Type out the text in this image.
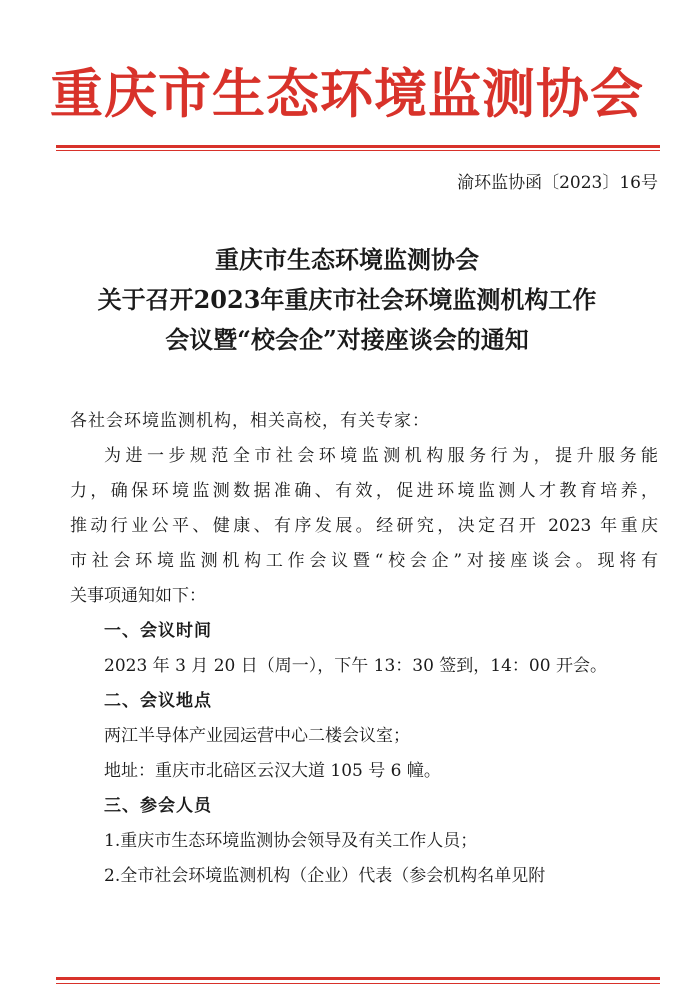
重庆市生态环境监测协会
渝环监协函〔2023〕16号
重庆市生态环境监测协会
关于召开2023年重庆市社会环境监测机构工作
会议暨“校会企”对接座谈会的通知
各社会环境监测机构，相关高校，有关专家：
为进一步规范全市社会环境监测机构服务行为，提升服务能
力，确保环境监测数据准确、有效，促进环境监测人才教育培养，
推动行业公平、健康、有序发展。经研究，决定召开 2023 年重庆
市社会环境监测机构工作会议暨“校会企”对接座谈会。现将有
关事项通知如下：
一、会议时间
2023 年 3 月 20 日（周一），下午 13：30 签到，14：00 开会。
二、会议地点
两江半导体产业园运营中心二楼会议室；
地址：重庆市北碚区云汉大道 105 号 6 幢。
三、参会人员
1.重庆市生态环境监测协会领导及有关工作人员；
2.全市社会环境监测机构（企业）代表（参会机构名单见附
